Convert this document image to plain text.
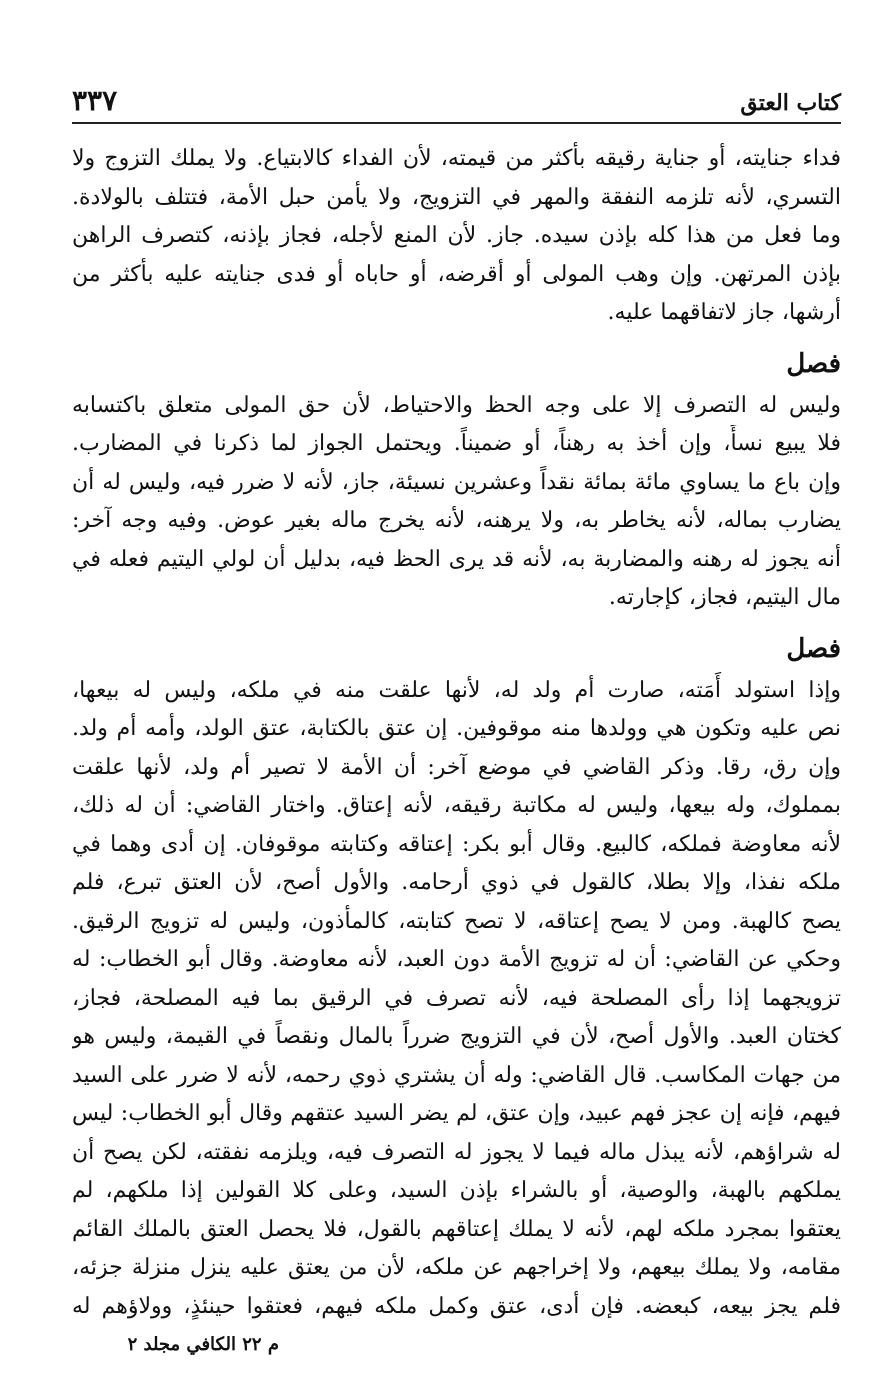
كتاب العتق
٣٣٧
فداء جنايته، أو جناية رقيقه بأكثر من قيمته، لأن الفداء كالابتياع. ولا يملك التزوج ولا
التسري، لأنه تلزمه النفقة والمهر في التزويج، ولا يأمن حبل الأمة، فتتلف بالولادة.
وما فعل من هذا كله بإذن سيده. جاز. لأن المنع لأجله، فجاز بإذنه، كتصرف الراهن
بإذن المرتهن. وإن وهب المولى أو أقرضه، أو حاباه أو فدى جنايته عليه بأكثر من
أرشها، جاز لاتفاقهما عليه.
فصل
وليس له التصرف إلا على وجه الحظ والاحتياط، لأن حق المولى متعلق باكتسابه
فلا يبيع نسأً، وإن أخذ به رهناً، أو ضميناً. ويحتمل الجواز لما ذكرنا في المضارب.
وإن باع ما يساوي مائة بمائة نقداً وعشرين نسيئة، جاز، لأنه لا ضرر فيه، وليس له أن
يضارب بماله، لأنه يخاطر به، ولا يرهنه، لأنه يخرج ماله بغير عوض. وفيه وجه آخر:
أنه يجوز له رهنه والمضاربة به، لأنه قد يرى الحظ فيه، بدليل أن لولي اليتيم فعله في
مال اليتيم، فجاز، كإجارته.
فصل
وإذا استولد أَمَته، صارت أم ولد له، لأنها علقت منه في ملكه، وليس له بيعها،
نص عليه وتكون هي وولدها منه موقوفين. إن عتق بالكتابة، عتق الولد، وأمه أم ولد.
وإن رق، رقا. وذكر القاضي في موضع آخر: أن الأمة لا تصير أم ولد، لأنها علقت
بمملوك، وله بيعها، وليس له مكاتبة رقيقه، لأنه إعتاق. واختار القاضي: أن له ذلك،
لأنه معاوضة فملكه، كالبيع. وقال أبو بكر: إعتاقه وكتابته موقوفان. إن أدى وهما في
ملكه نفذا، وإلا بطلا، كالقول في ذوي أرحامه. والأول أصح، لأن العتق تبرع، فلم
يصح كالهبة. ومن لا يصح إعتاقه، لا تصح كتابته، كالمأذون، وليس له تزويج الرقيق.
وحكي عن القاضي: أن له تزويج الأمة دون العبد، لأنه معاوضة. وقال أبو الخطاب: له
تزويجهما إذا رأى المصلحة فيه، لأنه تصرف في الرقيق بما فيه المصلحة، فجاز،
كختان العبد. والأول أصح، لأن في التزويج ضرراً بالمال ونقصاً في القيمة، وليس هو
من جهات المكاسب. قال القاضي: وله أن يشتري ذوي رحمه، لأنه لا ضرر على السيد
فيهم، فإنه إن عجز فهم عبيد، وإن عتق، لم يضر السيد عتقهم وقال أبو الخطاب: ليس
له شراؤهم، لأنه يبذل ماله فيما لا يجوز له التصرف فيه، ويلزمه نفقته، لكن يصح أن
يملكهم بالهبة، والوصية، أو بالشراء بإذن السيد، وعلى كلا القولين إذا ملكهم، لم
يعتقوا بمجرد ملكه لهم، لأنه لا يملك إعتاقهم بالقول، فلا يحصل العتق بالملك القائم
مقامه، ولا يملك بيعهم، ولا إخراجهم عن ملكه، لأن من يعتق عليه ينزل منزلة جزئه،
فلم يجز بيعه، كبعضه. فإن أدى، عتق وكمل ملكه فيهم، فعتقوا حينئذٍ، وولاؤهم له
م ٢٢ الكافي مجلد ٢
